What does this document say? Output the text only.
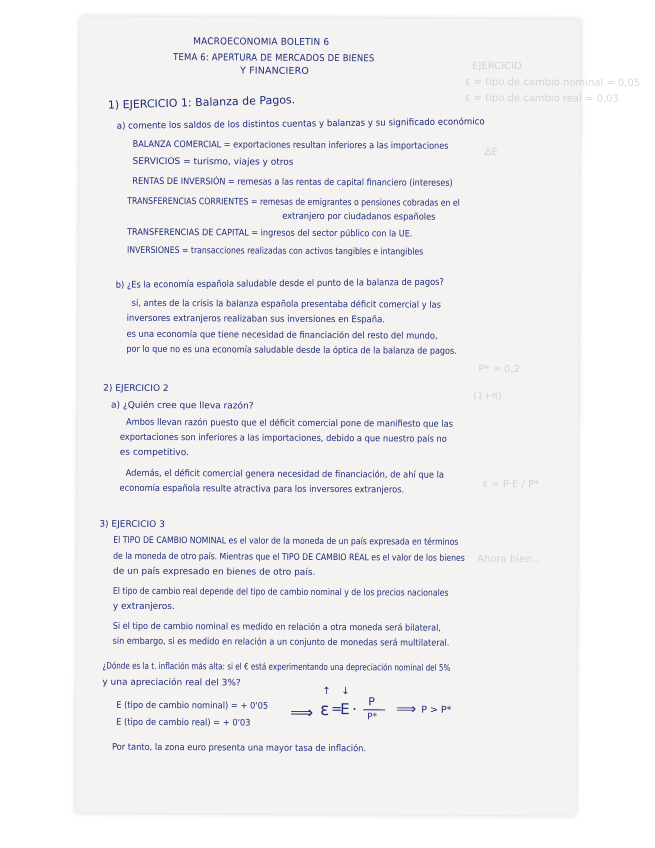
EJERCICIO
ε = tipo de cambio nominal = 0,05
ε = tipo de cambio real = 0,03
ΔE
P* = 0,2
(1+π)
ε = P·E / P*
Ahora bien...
MACROECONOMIA BOLETIN 6
TEMA 6: APERTURA DE MERCADOS DE BIENES
Y FINANCIERO
1) EJERCICIO 1: Balanza de Pagos.
a) comente los saldos de los distintos cuentas y balanzas y su significado económico
BALANZA COMERCIAL = exportaciones resultan inferiores a las importaciones
SERVICIOS = turismo, viajes y otros
RENTAS DE INVERSIÓN = remesas a las rentas de capital financiero (intereses)
TRANSFERENCIAS CORRIENTES = remesas de emigrantes o pensiones cobradas en el
extranjero por ciudadanos españoles
TRANSFERENCIAS DE CAPITAL = ingresos del sector público con la UE.
INVERSIONES = transacciones realizadas con activos tangibles e intangibles
b) ¿Es la economía española saludable desde el punto de la balanza de pagos?
sí, antes de la crisis la balanza española presentaba déficit comercial y las
inversores extranjeros realizaban sus inversiones en España.
es una economía que tiene necesidad de financiación del resto del mundo,
por lo que no es una economía saludable desde la óptica de la balanza de pagos.
2) EJERCICIO 2
a) ¿Quién cree que lleva razón?
Ambos llevan razón puesto que el déficit comercial pone de manifiesto que las
exportaciones son inferiores a las importaciones, debido a que nuestro país no
es competitivo.
Además, el déficit comercial genera necesidad de financiación, de ahí que la
economía española resulte atractiva para los inversores extranjeros.
3) EJERCICIO 3
El TIPO DE CAMBIO NOMINAL es el valor de la moneda de un país expresada en términos
de la moneda de otro país. Mientras que el TIPO DE CAMBIO REAL es el valor de los bienes
de un país expresado en bienes de otro país.
El tipo de cambio real depende del tipo de cambio nominal y de los precios nacionales
y extranjeros.
Si el tipo de cambio nominal es medido en relación a otra moneda será bilateral,
sin embargo, si es medido en relación a un conjunto de monedas será multilateral.
¿Dónde es la t. inflación más alta: si el € está experimentando una depreciación nominal del 5%
y una apreciación real del 3%?
E (tipo de cambio nominal) = + 0'05
E (tipo de cambio real) = + 0'03
⟹
↑ ↓
ε =
E · P
P* ⟹ P > P*
Por tanto, la zona euro presenta una mayor tasa de inflación.
